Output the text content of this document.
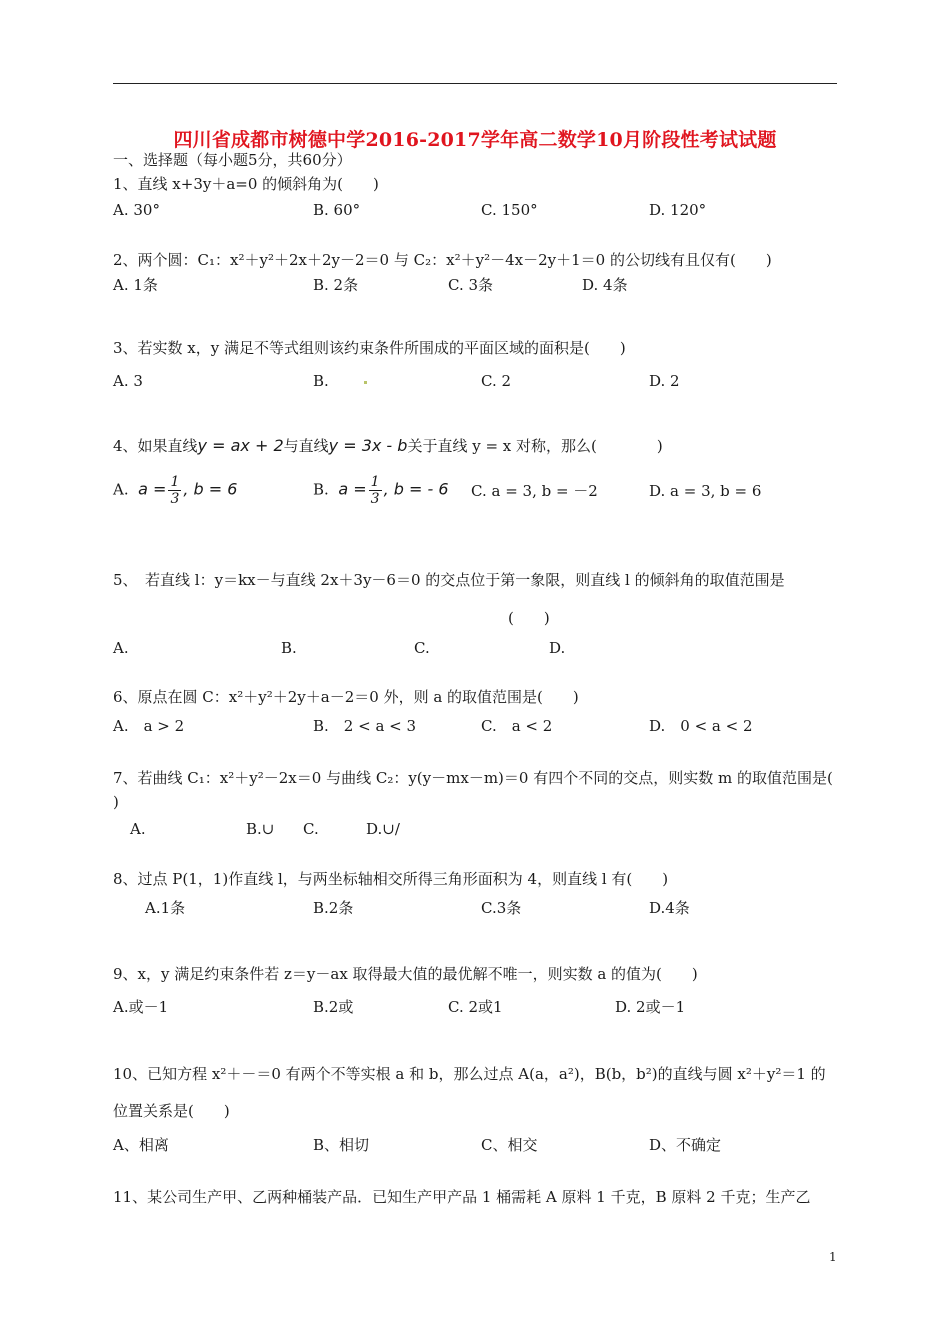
四川省成都市树德中学2016-2017学年高二数学10月阶段性考试试题
一、选择题（每小题5分，共60分）
1、直线 x+3y＋a=0 的倾斜角为(　　)
A. 30°	B. 60°	C. 150°	D. 120°
2、两个圆：C₁：x²＋y²＋2x＋2y－2＝0 与 C₂：x²＋y²－4x－2y＋1＝0 的公切线有且仅有(　　)
A. 1条	B. 2条	C. 3条	D. 4条
3、若实数 x，y 满足不等式组则该约束条件所围成的平面区域的面积是(　　)
A. 3	B.	C. 2	D. 2
4、如果直线y = ax + 2与直线y = 3x - b关于直线 y = x 对称，那么(　　　　)
A. $a = \frac{1}{3}$ , b = 6	B. $a = \frac{1}{3}$ , b = - 6 C. a = 3, b = －2	D. a = 3, b = 6
5、　若直线 l：y＝kx－与直线 2x＋3y－6＝0 的交点位于第一象限，则直线 l 的倾斜角的取值范围是
(　　)
A.	B.	C.	D.
6、原点在圆 C：x²＋y²＋2y＋a－2＝0 外，则 a 的取值范围是(　　)
A.　a > 2	B.　2 < a < 3	C.　a < 2	D.　0 < a < 2
7、若曲线 C₁：x²＋y²－2x＝0 与曲线 C₂：y(y－mx－m)＝0 有四个不同的交点，则实数 m 的取值范围是(
)
A.	B.∪ C.	D.∪/
8、过点 P(1，1)作直线 l，与两坐标轴相交所得三角形面积为 4，则直线 l 有(　　)
A.1条	B.2条	C.3条	D.4条
9、x，y 满足约束条件若 z＝y－ax 取得最大值的最优解不唯一，则实数 a 的值为(　　)
A.或－1	B.2或	C. 2或1	D. 2或－1
10、已知方程 x²＋－＝0 有两个不等实根 a 和 b，那么过点 A(a，a²)，B(b，b²)的直线与圆 x²＋y²＝1 的
位置关系是(　　)
A、相离	B、相切	C、相交	D、不确定
11、某公司生产甲、乙两种桶装产品．已知生产甲产品 1 桶需耗 A 原料 1 千克，B 原料 2 千克；生产乙
1
